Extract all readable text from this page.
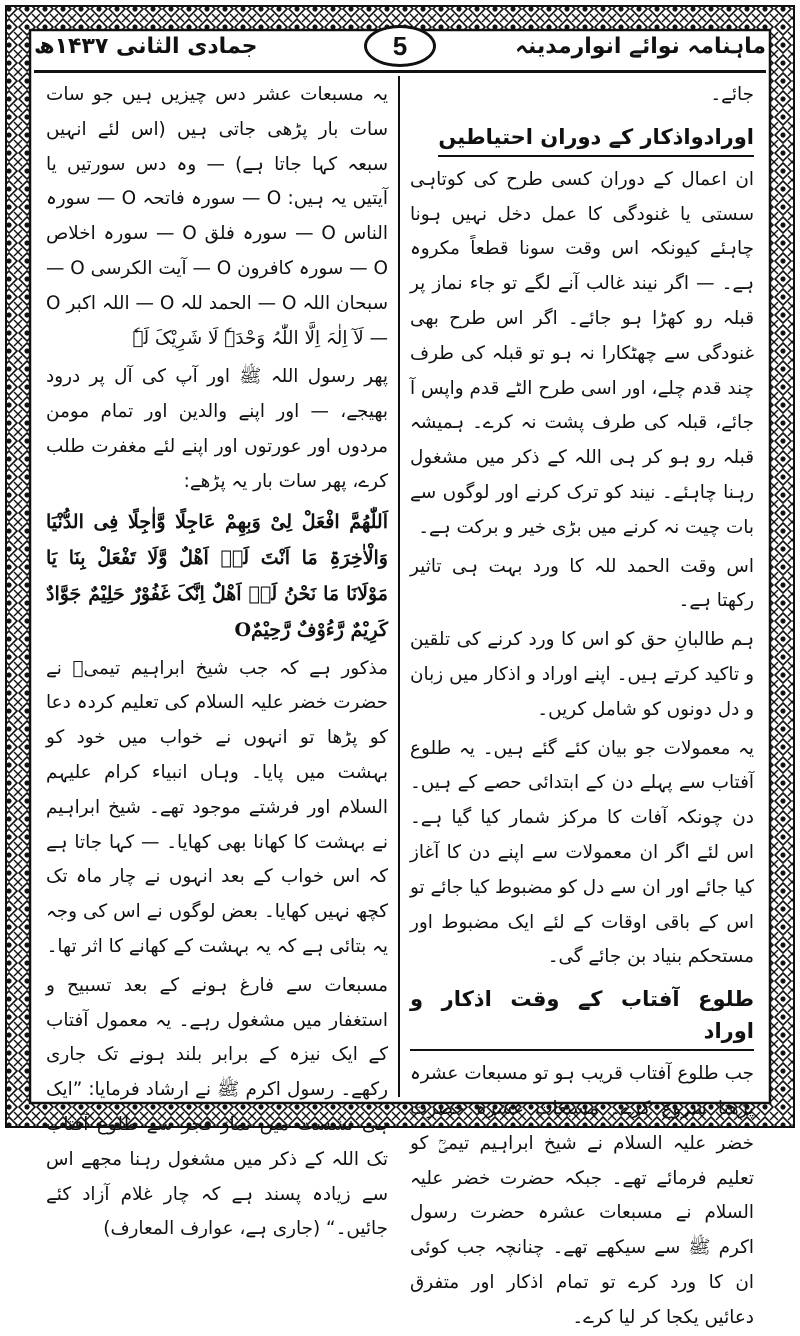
جمادی الثانی ۱۴۳۷ھ	5	ماہنامہ نوائے انوارمدینہ

یہ مسبعات عشر دس چیزیں ہیں جو سات سات بار پڑھی جاتی ہیں (اس لئے انہیں سبعہ کہا جاتا ہے) — وہ دس سورتیں یا آیتیں یہ ہیں: O — سورہ فاتحہ O — سورہ الناس O — سورہ فلق O — سورہ اخلاص O — سورہ کافرون O — آیت الکرسی O — سبحان اللہ O — الحمد للہ O — اللہ اکبر O — لَآ اِلٰہَ اِلَّا اللّٰہُ وَحْدَہٗ لَا شَرِیْکَ لَہٗ

پھر رسول اللہ ﷺ اور آپ کی آل پر درود بھیجے، — اور اپنے والدین اور تمام مومن مردوں اور عورتوں اور اپنے لئے مغفرت طلب کرے، پھر سات بار یہ پڑھے:

اَللّٰھُمَّ افْعَلْ لِیْ وَبِھِمْ عَاجِلًا وَّاٰجِلًا فِی الدُّنْیَا وَالْاٰخِرَۃِ مَا اَنْتَ لَہٗ اَھْلٌ وَّلَا تَفْعَلْ بِنَا یَا مَوْلَانَا مَا نَحْنُ لَہٗ اَھْلٌ اِنَّکَ غَفُوْرٌ حَلِیْمٌ جَوَّادٌ کَرِیْمٌ رَّءُوْفٌ رَّحِیْمٌO

مذکور ہے کہ جب شیخ ابراہیم تیمیؒ نے حضرت خضر علیہ السلام کی تعلیم کردہ دعا کو پڑھا تو انہوں نے خواب میں خود کو بہشت میں پایا۔ وہاں انبیاء کرام علیہم السلام اور فرشتے موجود تھے۔ شیخ ابراہیم نے بہشت کا کھانا بھی کھایا۔ — کہا جاتا ہے کہ اس خواب کے بعد انہوں نے چار ماہ تک کچھ نہیں کھایا۔ بعض لوگوں نے اس کی وجہ یہ بتائی ہے کہ یہ بہشت کے کھانے کا اثر تھا۔

مسبعات سے فارغ ہونے کے بعد تسبیح و استغفار میں مشغول رہے۔ یہ معمول آفتاب کے ایک نیزہ کے برابر بلند ہونے تک جاری رکھے۔ رسول اکرم ﷺ نے ارشاد فرمایا: ”ایک ہی نشست میں نماز فجر سے طلوع آفتاب تک اللہ کے ذکر میں مشغول رہنا مجھے اس سے زیادہ پسند ہے کہ چار غلام آزاد کئے جائیں۔“ (جاری ہے، عوارف المعارف)

جائے۔

اورادواذکار کے دوران احتیاطیں

ان اعمال کے دوران کسی طرح کی کوتاہی سستی یا غنودگی کا عمل دخل نہیں ہونا چاہئے کیونکہ اس وقت سونا قطعاً مکروہ ہے۔ — اگر نیند غالب آنے لگے تو جاء نماز پر قبلہ رو کھڑا ہو جائے۔ اگر اس طرح بھی غنودگی سے چھٹکارا نہ ہو تو قبلہ کی طرف چند قدم چلے، اور اسی طرح الٹے قدم واپس آ جائے، قبلہ کی طرف پشت نہ کرے۔ ہمیشہ قبلہ رو ہو کر ہی اللہ کے ذکر میں مشغول رہنا چاہئے۔ نیند کو ترک کرنے اور لوگوں سے بات چیت نہ کرنے میں بڑی خیر و برکت ہے۔

اس وقت الحمد للہ کا ورد بہت ہی تاثیر رکھتا ہے۔

ہم طالبانِ حق کو اس کا ورد کرنے کی تلقین و تاکید کرتے ہیں۔ اپنے اوراد و اذکار میں زبان و دل دونوں کو شامل کریں۔

یہ معمولات جو بیان کئے گئے ہیں۔ یہ طلوع آفتاب سے پہلے دن کے ابتدائی حصے کے ہیں۔ دن چونکہ آفات کا مرکز شمار کیا گیا ہے۔ اس لئے اگر ان معمولات سے اپنے دن کا آغاز کیا جائے اور ان سے دل کو مضبوط کیا جائے تو اس کے باقی اوقات کے لئے ایک مضبوط اور مستحکم بنیاد بن جائے گی۔

طلوع آفتاب کے وقت اذکار و اوراد

جب طلوع آفتاب قریب ہو تو مسبعات عشرہ پڑھنا شروع کرے۔ مسبعات عشرہ حضرت خضر علیہ السلام نے شیخ ابراہیم تیمیؒ کو تعلیم فرمائے تھے۔ جبکہ حضرت خضر علیہ السلام نے مسبعات عشرہ حضرت رسول اکرم ﷺ سے سیکھے تھے۔ چنانچہ جب کوئی ان کا ورد کرے تو تمام اذکار اور متفرق دعائیں یکجا کر لیا کرے۔
